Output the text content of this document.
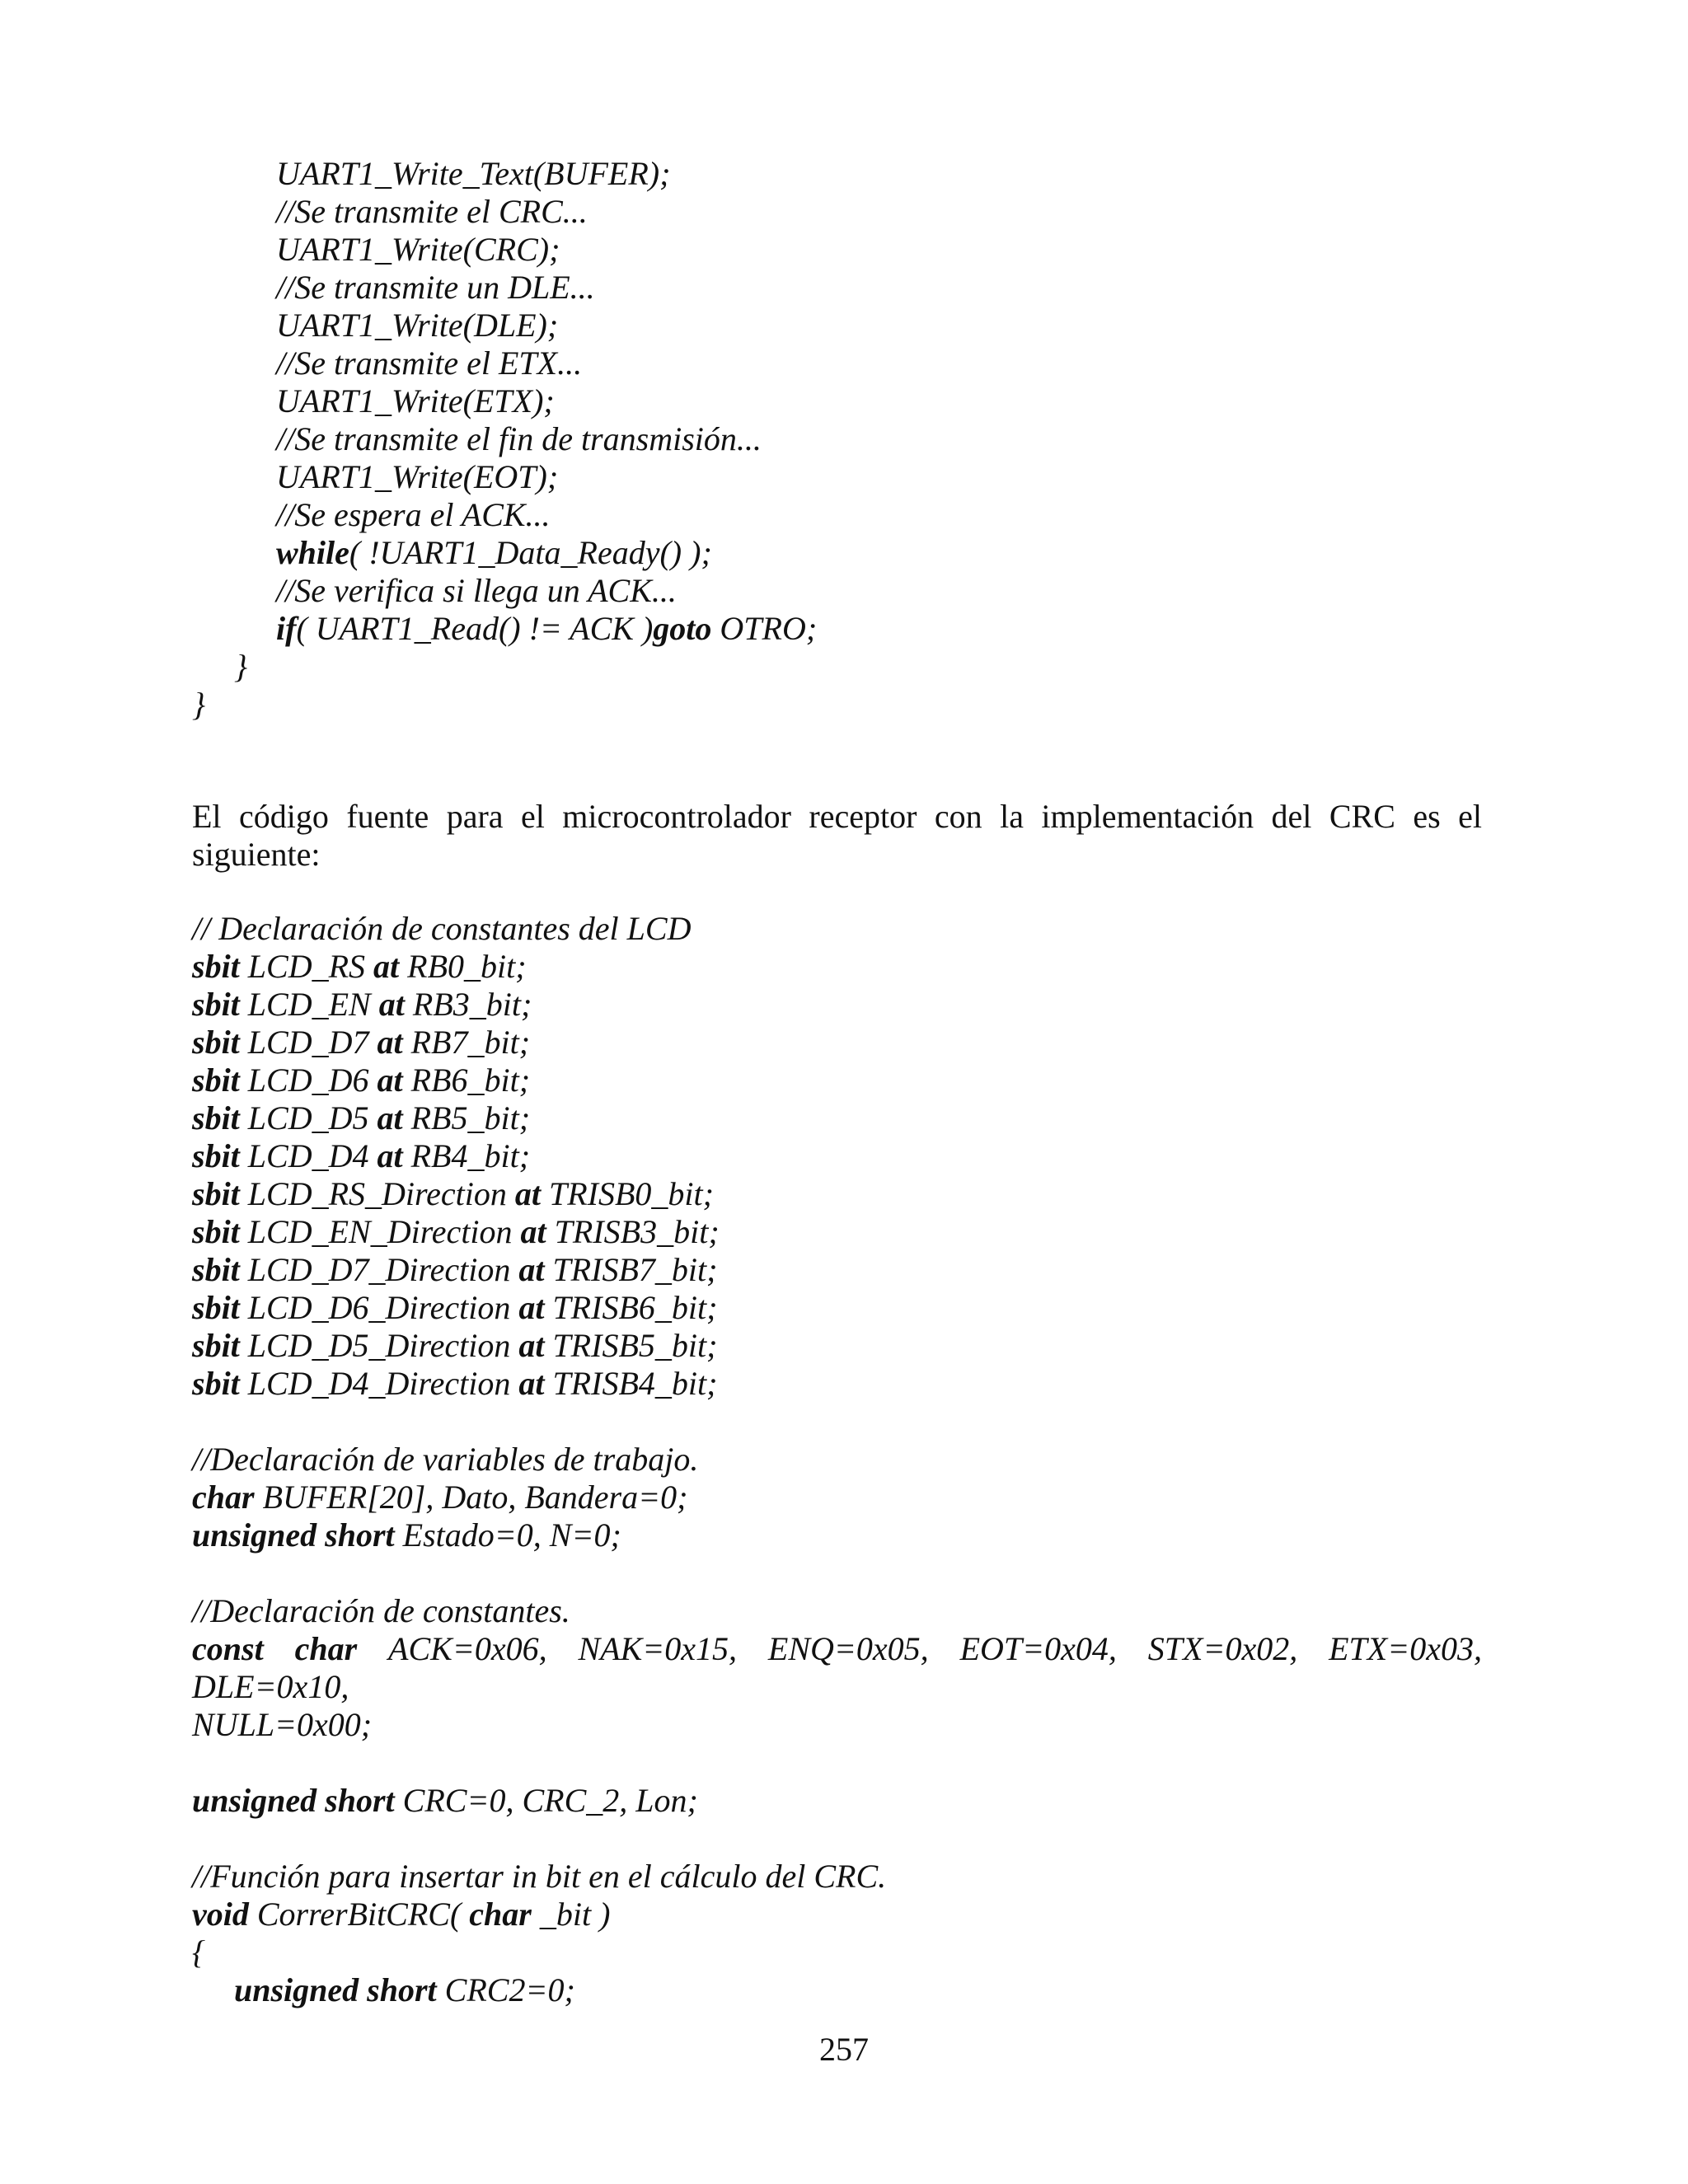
UART1_Write_Text(BUFER);
//Se transmite el CRC...
UART1_Write(CRC);
//Se transmite un DLE...
UART1_Write(DLE);
//Se transmite el ETX...
UART1_Write(ETX);
//Se transmite el fin de transmisión...
UART1_Write(EOT);
//Se espera el ACK...
while( !UART1_Data_Ready() );
//Se verifica si llega un ACK...
if( UART1_Read() != ACK )goto OTRO;
}
}
El código fuente para el microcontrolador receptor con la implementación del CRC es el siguiente:
// Declaración de constantes del LCD
sbit LCD_RS at RB0_bit;
sbit LCD_EN at RB3_bit;
sbit LCD_D7 at RB7_bit;
sbit LCD_D6 at RB6_bit;
sbit LCD_D5 at RB5_bit;
sbit LCD_D4 at RB4_bit;
sbit LCD_RS_Direction at TRISB0_bit;
sbit LCD_EN_Direction at TRISB3_bit;
sbit LCD_D7_Direction at TRISB7_bit;
sbit LCD_D6_Direction at TRISB6_bit;
sbit LCD_D5_Direction at TRISB5_bit;
sbit LCD_D4_Direction at TRISB4_bit;
//Declaración de variables de trabajo.
char BUFER[20], Dato, Bandera=0;
unsigned short Estado=0, N=0;
//Declaración de constantes.
const char ACK=0x06, NAK=0x15, ENQ=0x05, EOT=0x04, STX=0x02, ETX=0x03,
DLE=0x10,
NULL=0x00;
unsigned short CRC=0, CRC_2, Lon;
//Función para insertar in bit en el cálculo del CRC.
void CorrerBitCRC( char _bit )
{
unsigned short CRC2=0;
257
